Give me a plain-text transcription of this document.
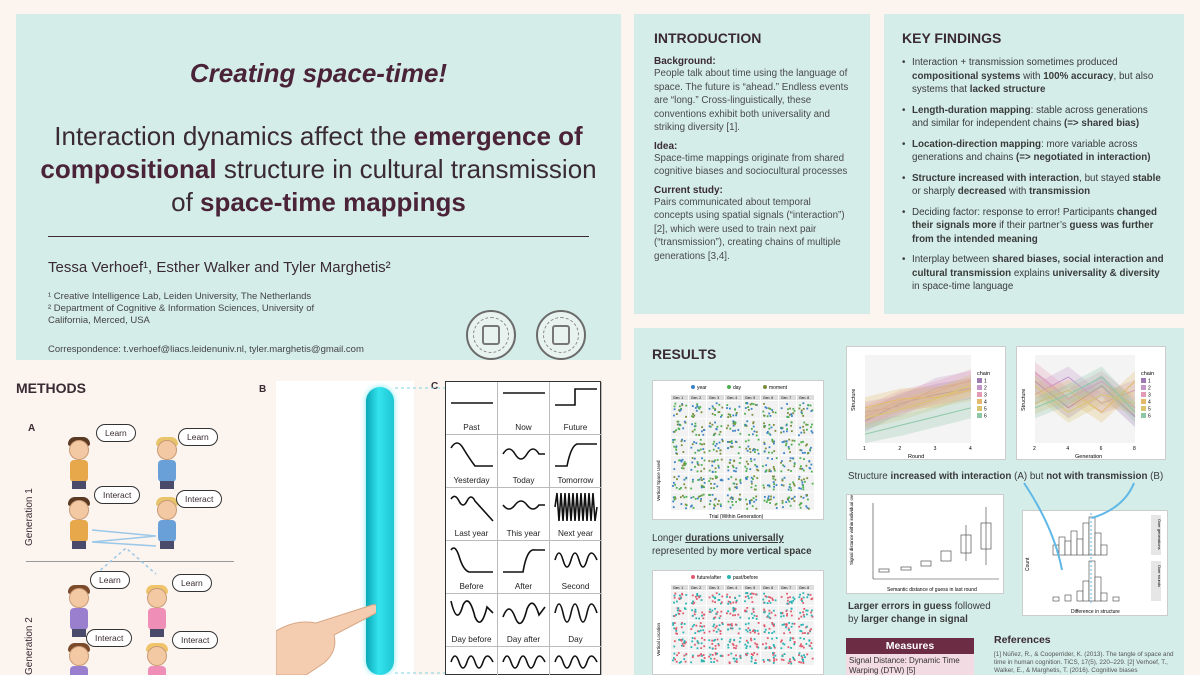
Creating space-time!
Interaction dynamics affect the emergence of compositional structure in cultural transmission of space-time mappings
Tessa Verhoef¹, Esther Walker and Tyler Marghetis²
¹ Creative Intelligence Lab, Leiden University, The Netherlands
² Department of Cognitive & Information Sciences, University of California, Merced, USA
Correspondence: t.verhoef@liacs.leidenuniv.nl, tyler.marghetis@gmail.com
INTRODUCTION
Background:
People talk about time using the language of space. The future is “ahead.” Endless events are “long.” Cross-linguistically, these conventions exhibit both universality and striking diversity [1].
Idea:
Space-time mappings originate from shared cognitive biases and sociocultural processes
Current study:
Pairs communicated about temporal concepts using spatial signals (“interaction”) [2], which were used to train next pair (“transmission”), creating chains of multiple generations [3,4].
KEY FINDINGS
• Interaction + transmission sometimes produced compositional systems with 100% accuracy, but also systems that lacked structure
• Length-duration mapping: stable across generations and similar for independent chains (=> shared bias)
• Location-direction mapping: more variable across generations and chains (=> negotiated in interaction)
• Structure increased with interaction, but stayed stable or sharply decreased with transmission
• Deciding factor: response to error! Participants changed their signals more if their partner’s guess was further from the intended meaning
• Interplay between shared biases, social interaction and cultural transmission explains universality & diversity in space-time language
METHODS
A
B	C
Generation 1
Generation 2
Learn	Learn
Interact	Interact
Learn	Learn
Interact	Interact
Past	Now	Future
Yesterday	Today	Tomorrow
Last year	This year	Next year
Before	After	Second
Day before	Day after	Day
RESULTS
year	day	moment
Gen. 1 Gen. 2 Gen. 3 Gen. 4 Gen. 5 Gen. 6 Gen. 7 Gen. 8
Vertical Space Used
Trial (Within Generation)
Longer durations universally represented by more vertical space
future/after past/before
Gen. 1 Gen. 2 Gen. 3 Gen. 4 Gen. 5 Gen. 6 Gen. 7 Gen. 8
Vertical Location
1	2	3	4
Round
Structure
chain
1
2
3
4
5
6
2	4	6	8
Generation
Structure
chain
1
2
3
4
5
6
Structure increased with interaction (A) but not with transmission (B)
Signal distance within individual over two blocks
Semantic distance of guess in last round
Larger errors in guess followed by larger change in signal
Count
Difference in structure
Over generations
Over rounds
Measures
Signal Distance: Dynamic Time Warping (DTW) [5]
References
[1] Núñez, R., & Cooperrider, K. (2013). The tangle of space and time in human cognition. TiCS, 17(5), 220–229. [2] Verhoef, T., Walker, E., & Marghetis, T. (2016). Cognitive biases
